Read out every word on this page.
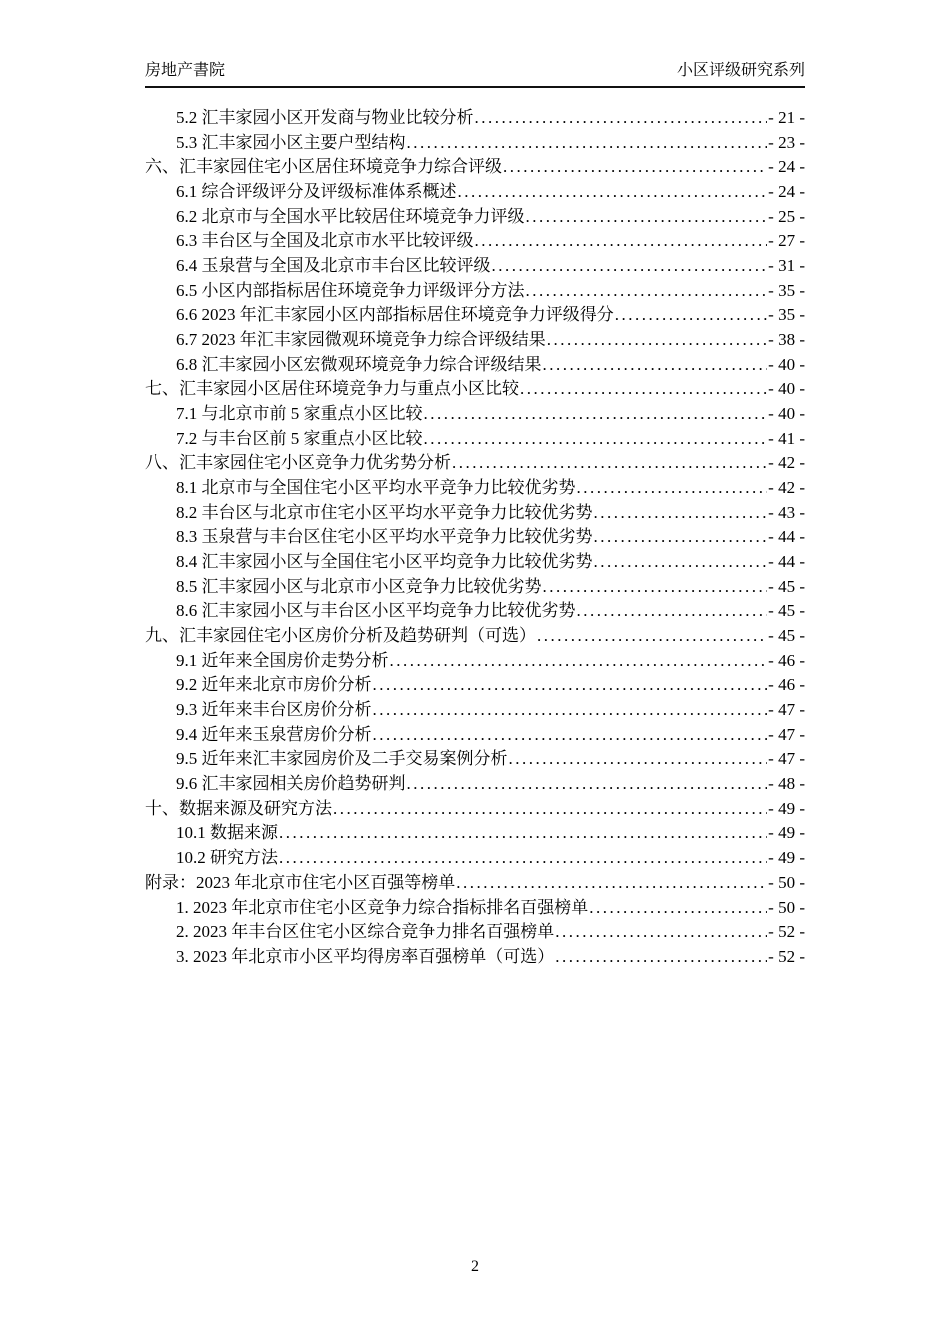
房地产書院	小区评级研究系列
5.2 汇丰家园小区开发商与物业比较分析 .....	- 21 -
5.3 汇丰家园小区主要户型结构 .....	- 23 -
六、汇丰家园住宅小区居住环境竞争力综合评级 .....	- 24 -
6.1 综合评级评分及评级标准体系概述 .....	- 24 -
6.2 北京市与全国水平比较居住环境竞争力评级 .....	- 25 -
6.3 丰台区与全国及北京市水平比较评级 .....	- 27 -
6.4 玉泉营与全国及北京市丰台区比较评级 .....	- 31 -
6.5 小区内部指标居住环境竞争力评级评分方法 .....	- 35 -
6.6 2023 年汇丰家园小区内部指标居住环境竞争力评级得分 .....	- 35 -
6.7 2023 年汇丰家园微观环境竞争力综合评级结果 .....	- 38 -
6.8 汇丰家园小区宏微观环境竞争力综合评级结果 .....	- 40 -
七、汇丰家园小区居住环境竞争力与重点小区比较 .....	- 40 -
7.1 与北京市前 5 家重点小区比较 .....	- 40 -
7.2 与丰台区前 5 家重点小区比较 .....	- 41 -
八、汇丰家园住宅小区竞争力优劣势分析 .....	- 42 -
8.1 北京市与全国住宅小区平均水平竞争力比较优劣势 .....	- 42 -
8.2 丰台区与北京市住宅小区平均水平竞争力比较优劣势 .....	- 43 -
8.3 玉泉营与丰台区住宅小区平均水平竞争力比较优劣势 .....	- 44 -
8.4 汇丰家园小区与全国住宅小区平均竞争力比较优劣势 .....	- 44 -
8.5 汇丰家园小区与北京市小区竞争力比较优劣势 .....	- 45 -
8.6 汇丰家园小区与丰台区小区平均竞争力比较优劣势 .....	- 45 -
九、汇丰家园住宅小区房价分析及趋势研判（可选） .....	- 45 -
9.1 近年来全国房价走势分析 .....	- 46 -
9.2 近年来北京市房价分析 .....	- 46 -
9.3 近年来丰台区房价分析 .....	- 47 -
9.4 近年来玉泉营房价分析 .....	- 47 -
9.5 近年来汇丰家园房价及二手交易案例分析 .....	- 47 -
9.6 汇丰家园相关房价趋势研判 .....	- 48 -
十、数据来源及研究方法 .....	- 49 -
10.1 数据来源 .....	- 49 -
10.2 研究方法 .....	- 49 -
附录：2023 年北京市住宅小区百强等榜单 .....	- 50 -
1. 2023 年北京市住宅小区竞争力综合指标排名百强榜单 .....	- 50 -
2. 2023 年丰台区住宅小区综合竞争力排名百强榜单 .....	- 52 -
3. 2023 年北京市小区平均得房率百强榜单（可选） .....	- 52 -
2
